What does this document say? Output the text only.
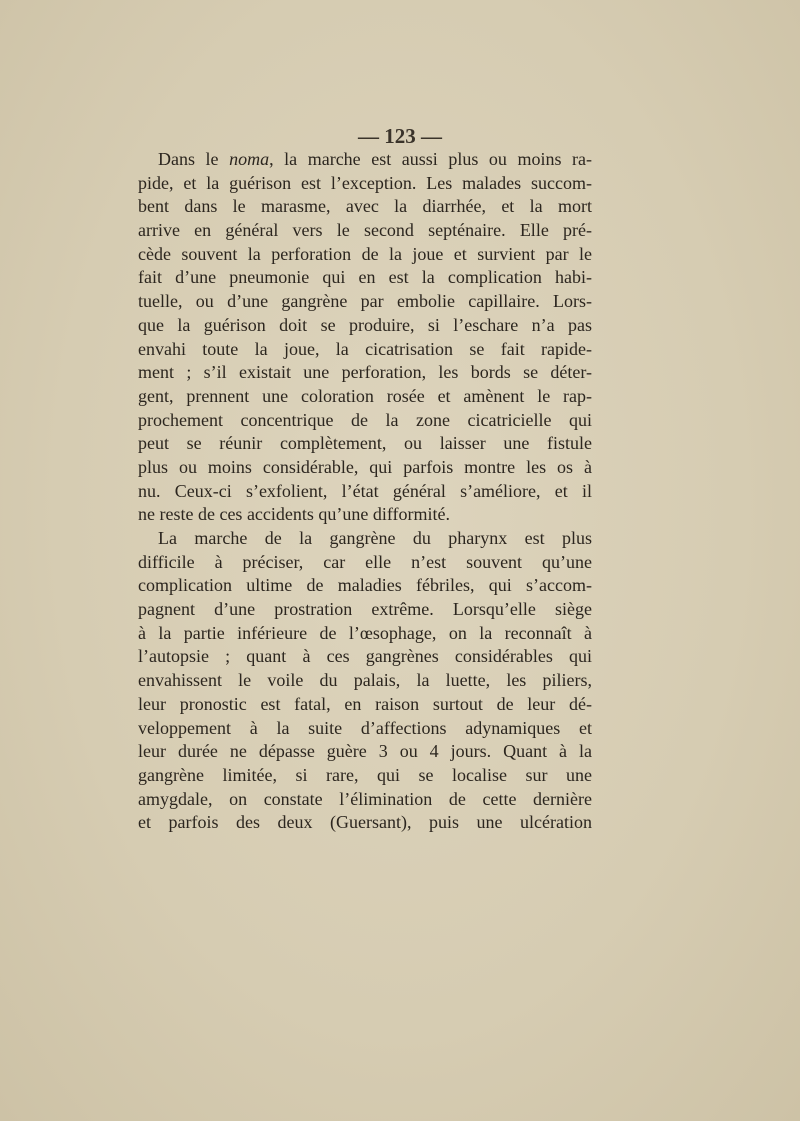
— 123 —
Dans le noma, la marche est aussi plus ou moins ra-
pide, et la guérison est l’exception. Les malades succom-
bent dans le marasme, avec la diarrhée, et la mort
arrive en général vers le second septénaire. Elle pré-
cède souvent la perforation de la joue et survient par le
fait d’une pneumonie qui en est la complication habi-
tuelle, ou d’une gangrène par embolie capillaire. Lors-
que la guérison doit se produire, si l’eschare n’a pas
envahi toute la joue, la cicatrisation se fait rapide-
ment ; s’il existait une perforation, les bords se déter-
gent, prennent une coloration rosée et amènent le rap-
prochement concentrique de la zone cicatricielle qui
peut se réunir complètement, ou laisser une fistule
plus ou moins considérable, qui parfois montre les os à
nu. Ceux-ci s’exfolient, l’état général s’améliore, et il
ne reste de ces accidents qu’une difformité.
La marche de la gangrène du pharynx est plus
difficile à préciser, car elle n’est souvent qu’une
complication ultime de maladies fébriles, qui s’accom-
pagnent d’une prostration extrême. Lorsqu’elle siège
à la partie inférieure de l’œsophage, on la reconnaît à
l’autopsie ; quant à ces gangrènes considérables qui
envahissent le voile du palais, la luette, les piliers,
leur pronostic est fatal, en raison surtout de leur dé-
veloppement à la suite d’affections adynamiques et
leur durée ne dépasse guère 3 ou 4 jours. Quant à la
gangrène limitée, si rare, qui se localise sur une
amygdale, on constate l’élimination de cette dernière
et parfois des deux (Guersant), puis une ulcération
